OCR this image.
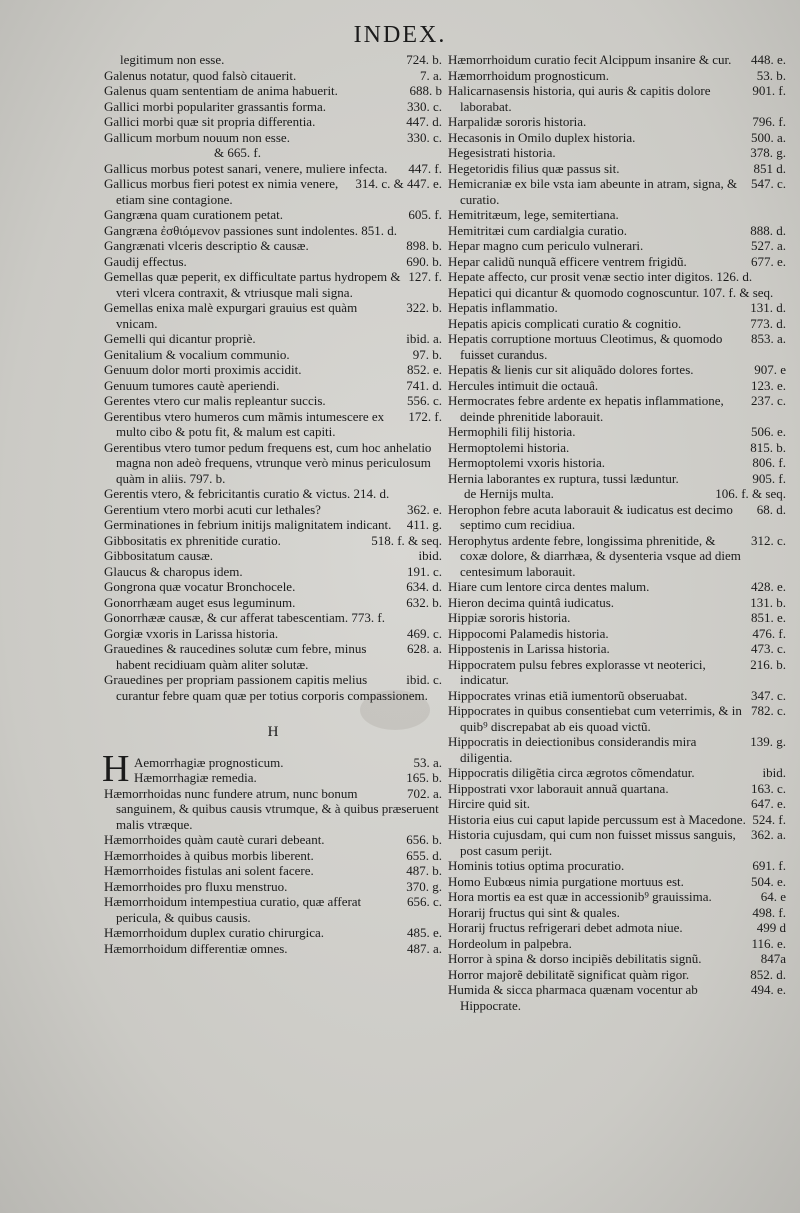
INDEX.

724. b.
legitimum non esse.

7. a.
Galenus notatur, quod falsò citauerit.

688. b
Galenus quam sententiam de anima habuerit.

330. c.
Gallici morbi populariter grassantis forma.

447. d.
Gallici morbi quæ sit propria differentia.

330. c.
Gallicum morbum nouum non esse.
& 665. f.

447. f.
Gallicus morbus potest sanari, venere, muliere infecta.

314. c. & 447. e.
Gallicus morbus fieri potest ex nimia venere, etiam sine contagione.

605. f.
Gangræna quam curationem petat.

Gangræna ἐσθιόμενον passiones sunt indolentes. 851. d.

898. b.
Gangrænati vlceris descriptio & causæ.

690. b.
Gaudij effectus.

127. f.
Gemellas quæ peperit, ex difficultate partus hydropem & vteri vlcera contraxit, & vtriusque mali signa.

322. b.
Gemellas enixa malè expurgari grauius est quàm vnicam.

ibid. a.
Gemelli qui dicantur propriè.

97. b.
Genitalium & vocalium communio.

852. e.
Genuum dolor morti proximis accidit.

741. d.
Genuum tumores cautè aperiendi.

556. c.
Gerentes vtero cur malis repleantur succis.

172. f.
Gerentibus vtero humeros cum mãmis intumescere ex multo cibo & potu fit, & malum est capiti.

Gerentibus vtero tumor pedum frequens est, cum hoc anhelatio magna non adeò frequens, vtrunque verò minus periculosum quàm in aliis. 797. b.

Gerentis vtero, & febricitantis curatio & victus. 214. d.

362. e.
Gerentium vtero morbi acuti cur lethales?

411. g.
Germinationes in febrium initijs malignitatem indicant.

518. f. & seq.
Gibbositatis ex phrenitide curatio.

ibid.
Gibbositatum causæ.

191. c.
Glaucus & charopus idem.

634. d.
Gongrona quæ vocatur Bronchocele.

632. b.
Gonorrhæam auget esus leguminum.

Gonorrhææ causæ, & cur afferat tabescentiam. 773. f.

469. c.
Gorgiæ vxoris in Larissa historia.

628. a.
Grauedines & raucedines solutæ cum febre, minus habent recidiuam quàm aliter solutæ.

ibid. c.
Grauedines per propriam passionem capitis melius curantur febre quam quæ per totius corporis compassionem.

H
H	53. a.
Aemorrhagiæ prognosticum.

165. b.
Hæmorrhagiæ remedia.

702. a.
Hæmorrhoidas nunc fundere atrum, nunc bonum sanguinem, & quibus causis vtrumque, & à quibus præseruent malis vtræque.

656. b.
Hæmorrhoides quàm cautè curari debeant.

655. d.
Hæmorrhoides à quibus morbis liberent.

487. b.
Hæmorrhoides fistulas ani solent facere.

370. g.
Hæmorrhoides pro fluxu menstruo.

656. c.
Hæmorrhoidum intempestiua curatio, quæ afferat pericula, & quibus causis.

485. e.
Hæmorrhoidum duplex curatio chirurgica.

487. a.
Hæmorrhoidum differentiæ omnes.

448. e.
Hæmorrhoidum curatio fecit Alcippum insanire & cur.

53. b.
Hæmorrhoidum prognosticum.

901. f.
Halicarnasensis historia, qui auris & capitis dolore laborabat.

796. f.
Harpalidæ sororis historia.

500. a.
Hecasonis in Omilo duplex historia.

378. g.
Hegesistrati historia.

851 d.
Hegetoridis filius quæ passus sit.

547. c.
Hemicraniæ ex bile vsta iam abeunte in atram, signa, & curatio.

Hemitritæum, lege, semitertiana.

888. d.
Hemitritæi cum cardialgia curatio.

527. a.
Hepar magno cum periculo vulnerari.

677. e.
Hepar calidũ nunquã efficere ventrem frigidũ.

Hepate affecto, cur prosit venæ sectio inter digitos. 126. d.

Hepatici qui dicantur & quomodo cognoscuntur. 107. f. & seq.

131. d.
Hepatis inflammatio.

773. d.
Hepatis apicis complicati curatio & cognitio.

853. a.
Hepatis corruptione mortuus Cleotimus, & quomodo fuisset curandus.

907. e
Hepatis & lienis cur sit aliquãdo dolores fortes.

123. e.
Hercules intimuit die octauâ.

237. c.
Hermocrates febre ardente ex hepatis inflammatione, deinde phrenitide laborauit.

506. e.
Hermophili filij historia.

815. b.
Hermoptolemi historia.

806. f.
Hermoptolemi vxoris historia.

905. f.
Hernia laborantes ex ruptura, tussi læduntur.

106. f. & seq.
de Hernijs multa.

68. d.
Herophon febre acuta laborauit & iudicatus est decimo septimo cum recidiua.

312. c.
Herophytus ardente febre, longissima phrenitide, & coxæ dolore, & diarrhæa, & dysenteria vsque ad diem centesimum laborauit.

428. e.
Hiare cum lentore circa dentes malum.

131. b.
Hieron decima quintâ iudicatus.

851. e.
Hippiæ sororis historia.

476. f.
Hippocomi Palamedis historia.

473. c.
Hippostenis in Larissa historia.

216. b.
Hippocratem pulsu febres explorasse vt neoterici, indicatur.

347. c.
Hippocrates vrinas etiã iumentorũ obseruabat.

782. c.
Hippocrates in quibus consentiebat cum veterrimis, & in quib⁹ discrepabat ab eis quoad victũ.

139. g.
Hippocratis in deiectionibus considerandis mira diligentia.

ibid.
Hippocratis diligẽtia circa ægrotos cõmendatur.

163. c.
Hippostrati vxor laborauit annuã quartana.

647. e.
Hircire quid sit.

524. f.
Historia eius cui caput lapide percussum est à Macedone.

362. a.
Historia cujusdam, qui cum non fuisset missus sanguis, post casum perijt.

691. f.
Hominis totius optima procuratio.

504. e.
Homo Eubœus nimia purgatione mortuus est.

64. e
Hora mortis ea est quæ in accessionib⁹ grauissima.

498. f.
Horarij fructus qui sint & quales.

499 d
Horarij fructus refrigerari debet admota niue.

116. e.
Hordeolum in palpebra.

847a
Horror à spina & dorso incipiẽs debilitatis signũ.

852. d.
Horror majorẽ debilitatẽ significat quàm rigor.

494. e.
Humida & sicca pharmaca quænam vocentur ab Hippocrate.
